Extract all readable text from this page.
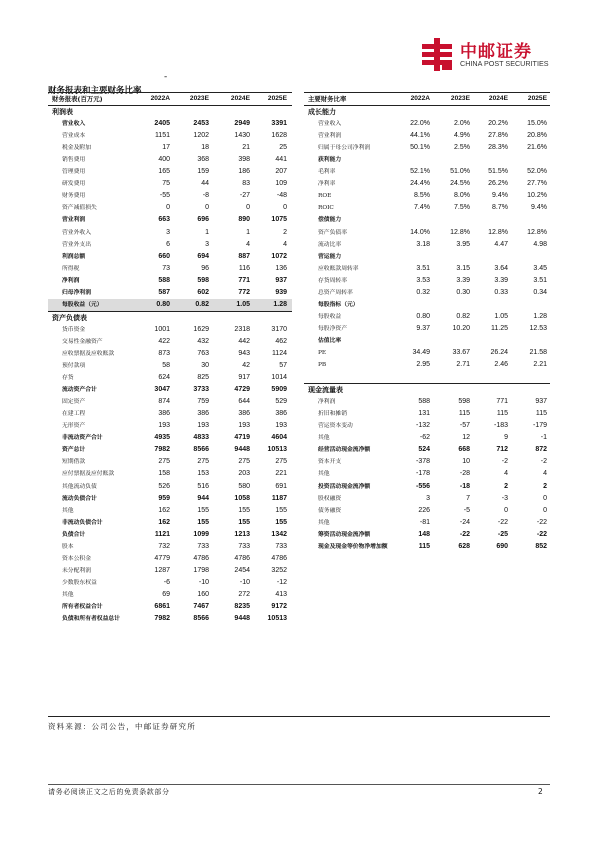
中邮证券
CHINA POST SECURITIES
财务报表和主要财务比率
-
财务报表(百万元)	2022A	2023E	2024E	2025E
利润表
营业收入	2405	2453	2949	3391
营业成本	1151	1202	1430	1628
税金及附加	17	18	21	25
销售费用	400	368	398	441
管理费用	165	159	186	207
研发费用	75	44	83	109
财务费用	-55	-8	-27	-48
资产减值损失	0	0	0	0
营业利润	663	696	890	1075
营业外收入	3	1	1	2
营业外支出	6	3	4	4
利润总额	660	694	887	1072
所得税	73	96	116	136
净利润	588	598	771	937
归母净利润	587	602	772	939
每股收益（元）	0.80	0.82	1.05	1.28
资产负债表
货币资金	1001	1629	2318	3170
交易性金融资产	422	432	442	462
应收票据及应收账款	873	763	943	1124
预付款项	58	30	42	57
存货	624	825	917	1014
流动资产合计	3047	3733	4729	5909
固定资产	874	759	644	529
在建工程	386	386	386	386
无形资产	193	193	193	193
非流动资产合计	4935	4833	4719	4604
资产总计	7982	8566	9448	10513
短期借款	275	275	275	275
应付票据及应付账款	158	153	203	221
其他流动负债	526	516	580	691
流动负债合计	959	944	1058	1187
其他	162	155	155	155
非流动负债合计	162	155	155	155
负债合计	1121	1099	1213	1342
股本	732	733	733	733
资本公积金	4779	4786	4786	4786
未分配利润	1287	1798	2454	3252
少数股东权益	-6	-10	-10	-12
其他	69	160	272	413
所有者权益合计	6861	7467	8235	9172
负债和所有者权益总计	7982	8566	9448	10513
主要财务比率	2022A	2023E	2024E	2025E
成长能力
营业收入	22.0%	2.0%	20.2%	15.0%
营业利润	44.1%	4.9%	27.8%	20.8%
归属于母公司净利润	50.1%	2.5%	28.3%	21.6%
获利能力
毛利率	52.1%	51.0%	51.5%	52.0%
净利率	24.4%	24.5%	26.2%	27.7%
ROE	8.5%	8.0%	9.4%	10.2%
ROIC	7.4%	7.5%	8.7%	9.4%
偿债能力
资产负债率	14.0%	12.8%	12.8%	12.8%
流动比率	3.18	3.95	4.47	4.98
营运能力
应收账款周转率	3.51	3.15	3.64	3.45
存货周转率	3.53	3.39	3.39	3.51
总资产周转率	0.32	0.30	0.33	0.34
每股指标（元）
每股收益	0.80	0.82	1.05	1.28
每股净资产	9.37	10.20	11.25	12.53
估值比率
PE	34.49	33.67	26.24	21.58
PB	2.95	2.71	2.46	2.21
现金流量表
净利润	588	598	771	937
折旧和摊销	131	115	115	115
营运资本变动	-132	-57	-183	-179
其他	-62	12	9	-1
经营活动现金流净额	524	668	712	872
资本开支	-378	10	-2	-2
其他	-178	-28	4	4
投资活动现金流净额	-556	-18	2	2
股权融资	3	7	-3	0
债务融资	226	-5	0	0
其他	-81	-24	-22	-22
筹资活动现金流净额	148	-22	-25	-22
现金及现金等价物净增加额	115	628	690	852
资料来源：公司公告，中邮证券研究所
请务必阅读正文之后的免责条款部分	2
